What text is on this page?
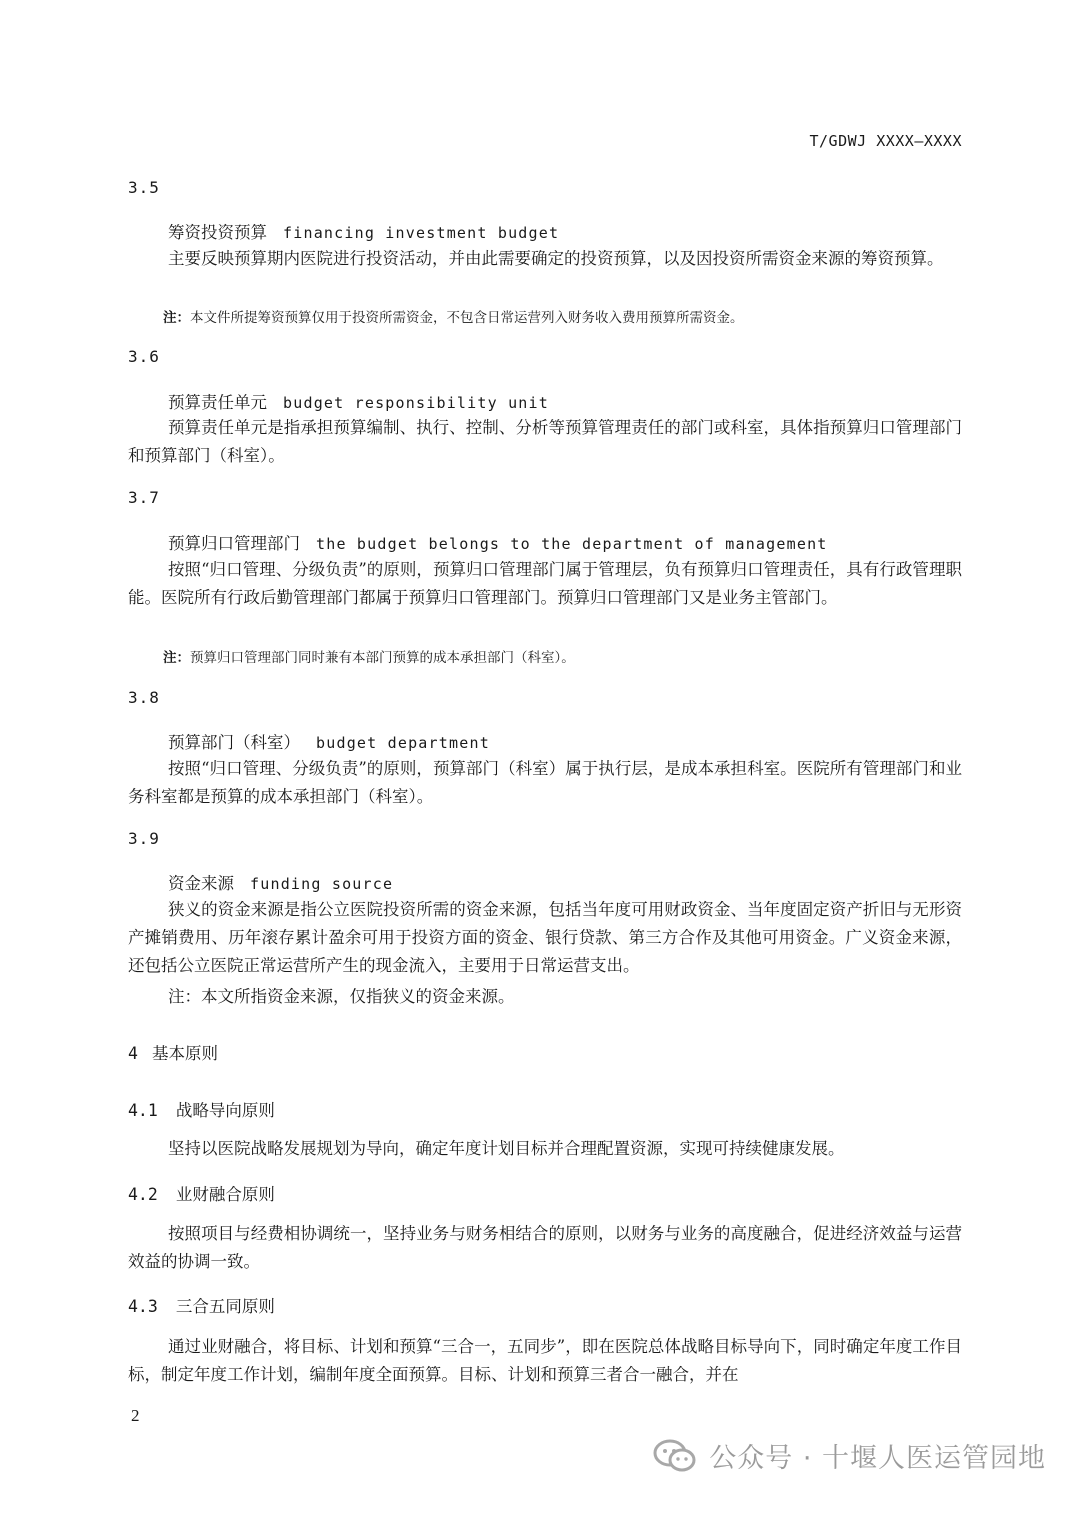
T/GDWJ XXXX—XXXX
3.5
筹资投资预算 financing investment budget
主要反映预算期内医院进行投资活动，并由此需要确定的投资预算，以及因投资所需资金来源的筹资预算。
注：本文件所提筹资预算仅用于投资所需资金，不包含日常运营列入财务收入费用预算所需资金。
3.6
预算责任单元 budget responsibility unit
预算责任单元是指承担预算编制、执行、控制、分析等预算管理责任的部门或科室，具体指预算归口管理部门和预算部门（科室）。
3.7
预算归口管理部门 the budget belongs to the department of management
按照“归口管理、分级负责”的原则，预算归口管理部门属于管理层，负有预算归口管理责任，具有行政管理职能。医院所有行政后勤管理部门都属于预算归口管理部门。预算归口管理部门又是业务主管部门。
注：预算归口管理部门同时兼有本部门预算的成本承担部门（科室）。
3.8
预算部门（科室） budget department
按照“归口管理、分级负责”的原则，预算部门（科室）属于执行层，是成本承担科室。医院所有管理部门和业务科室都是预算的成本承担部门（科室）。
3.9
资金来源 funding source
狭义的资金来源是指公立医院投资所需的资金来源，包括当年度可用财政资金、当年度固定资产折旧与无形资产摊销费用、历年滚存累计盈余可用于投资方面的资金、银行贷款、第三方合作及其他可用资金。广义资金来源，还包括公立医院正常运营所产生的现金流入，主要用于日常运营支出。
注：本文所指资金来源，仅指狭义的资金来源。
4 基本原则
4.1 战略导向原则
坚持以医院战略发展规划为导向，确定年度计划目标并合理配置资源，实现可持续健康发展。
4.2 业财融合原则
按照项目与经费相协调统一，坚持业务与财务相结合的原则，以财务与业务的高度融合，促进经济效益与运营效益的协调一致。
4.3 三合五同原则
通过业财融合，将目标、计划和预算“三合一，五同步”，即在医院总体战略目标导向下，同时确定年度工作目标，制定年度工作计划，编制年度全面预算。目标、计划和预算三者合一融合，并在
2
公众号 · 十堰人医运管园地
